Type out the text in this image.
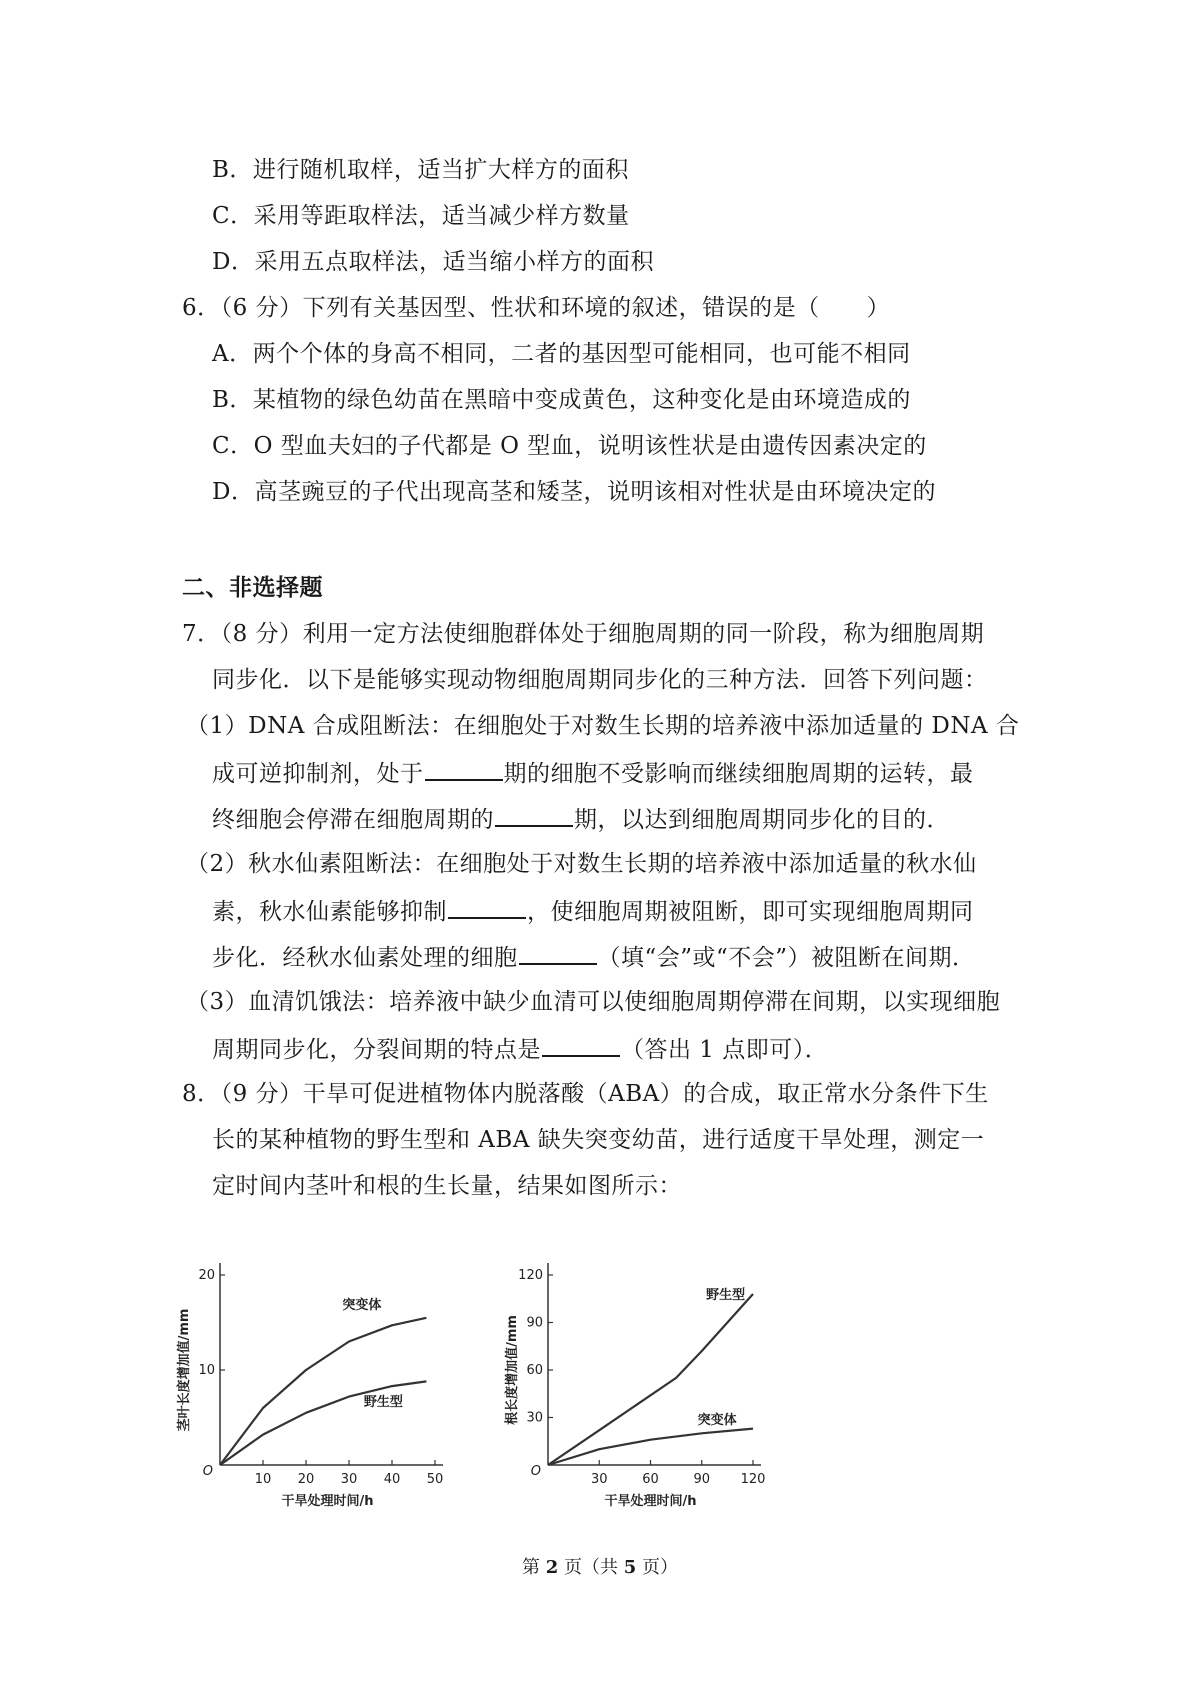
B．进行随机取样，适当扩大样方的面积
C．采用等距取样法，适当减少样方数量
D．采用五点取样法，适当缩小样方的面积
6．（6 分）下列有关基因型、性状和环境的叙述，错误的是（　　）
A．两个个体的身高不相同，二者的基因型可能相同，也可能不相同
B．某植物的绿色幼苗在黑暗中变成黄色，这种变化是由环境造成的
C．O 型血夫妇的子代都是 O 型血，说明该性状是由遗传因素决定的
D．高茎豌豆的子代出现高茎和矮茎，说明该相对性状是由环境决定的
二、非选择题
7．（8 分）利用一定方法使细胞群体处于细胞周期的同一阶段，称为细胞周期
同步化．以下是能够实现动物细胞周期同步化的三种方法．回答下列问题：
（1）DNA 合成阻断法：在细胞处于对数生长期的培养液中添加适量的 DNA 合
成可逆抑制剂，处于	期的细胞不受影响而继续细胞周期的运转，最
终细胞会停滞在细胞周期的	期，以达到细胞周期同步化的目的．
（2）秋水仙素阻断法：在细胞处于对数生长期的培养液中添加适量的秋水仙
素，秋水仙素能够抑制	，使细胞周期被阻断，即可实现细胞周期同
步化．经秋水仙素处理的细胞	（填“会”或“不会”）被阻断在间期．
（3）血清饥饿法：培养液中缺少血清可以使细胞周期停滞在间期，以实现细胞
周期同步化，分裂间期的特点是	（答出 1 点即可）．
8．（9 分）干旱可促进植物体内脱落酸（ABA）的合成，取正常水分条件下生
长的某种植物的野生型和 ABA 缺失突变幼苗，进行适度干旱处理，测定一
定时间内茎叶和根的生长量，结果如图所示：
10 20 30 40 50
10
20
O
干旱处理时间/h
茎叶长度增加值/mm
突变体
野生型
30	60	90 120
30
60
90
120
O
干旱处理时间/h
根长度增加值/mm
野生型
突变体
第 2 页（共 5 页）
